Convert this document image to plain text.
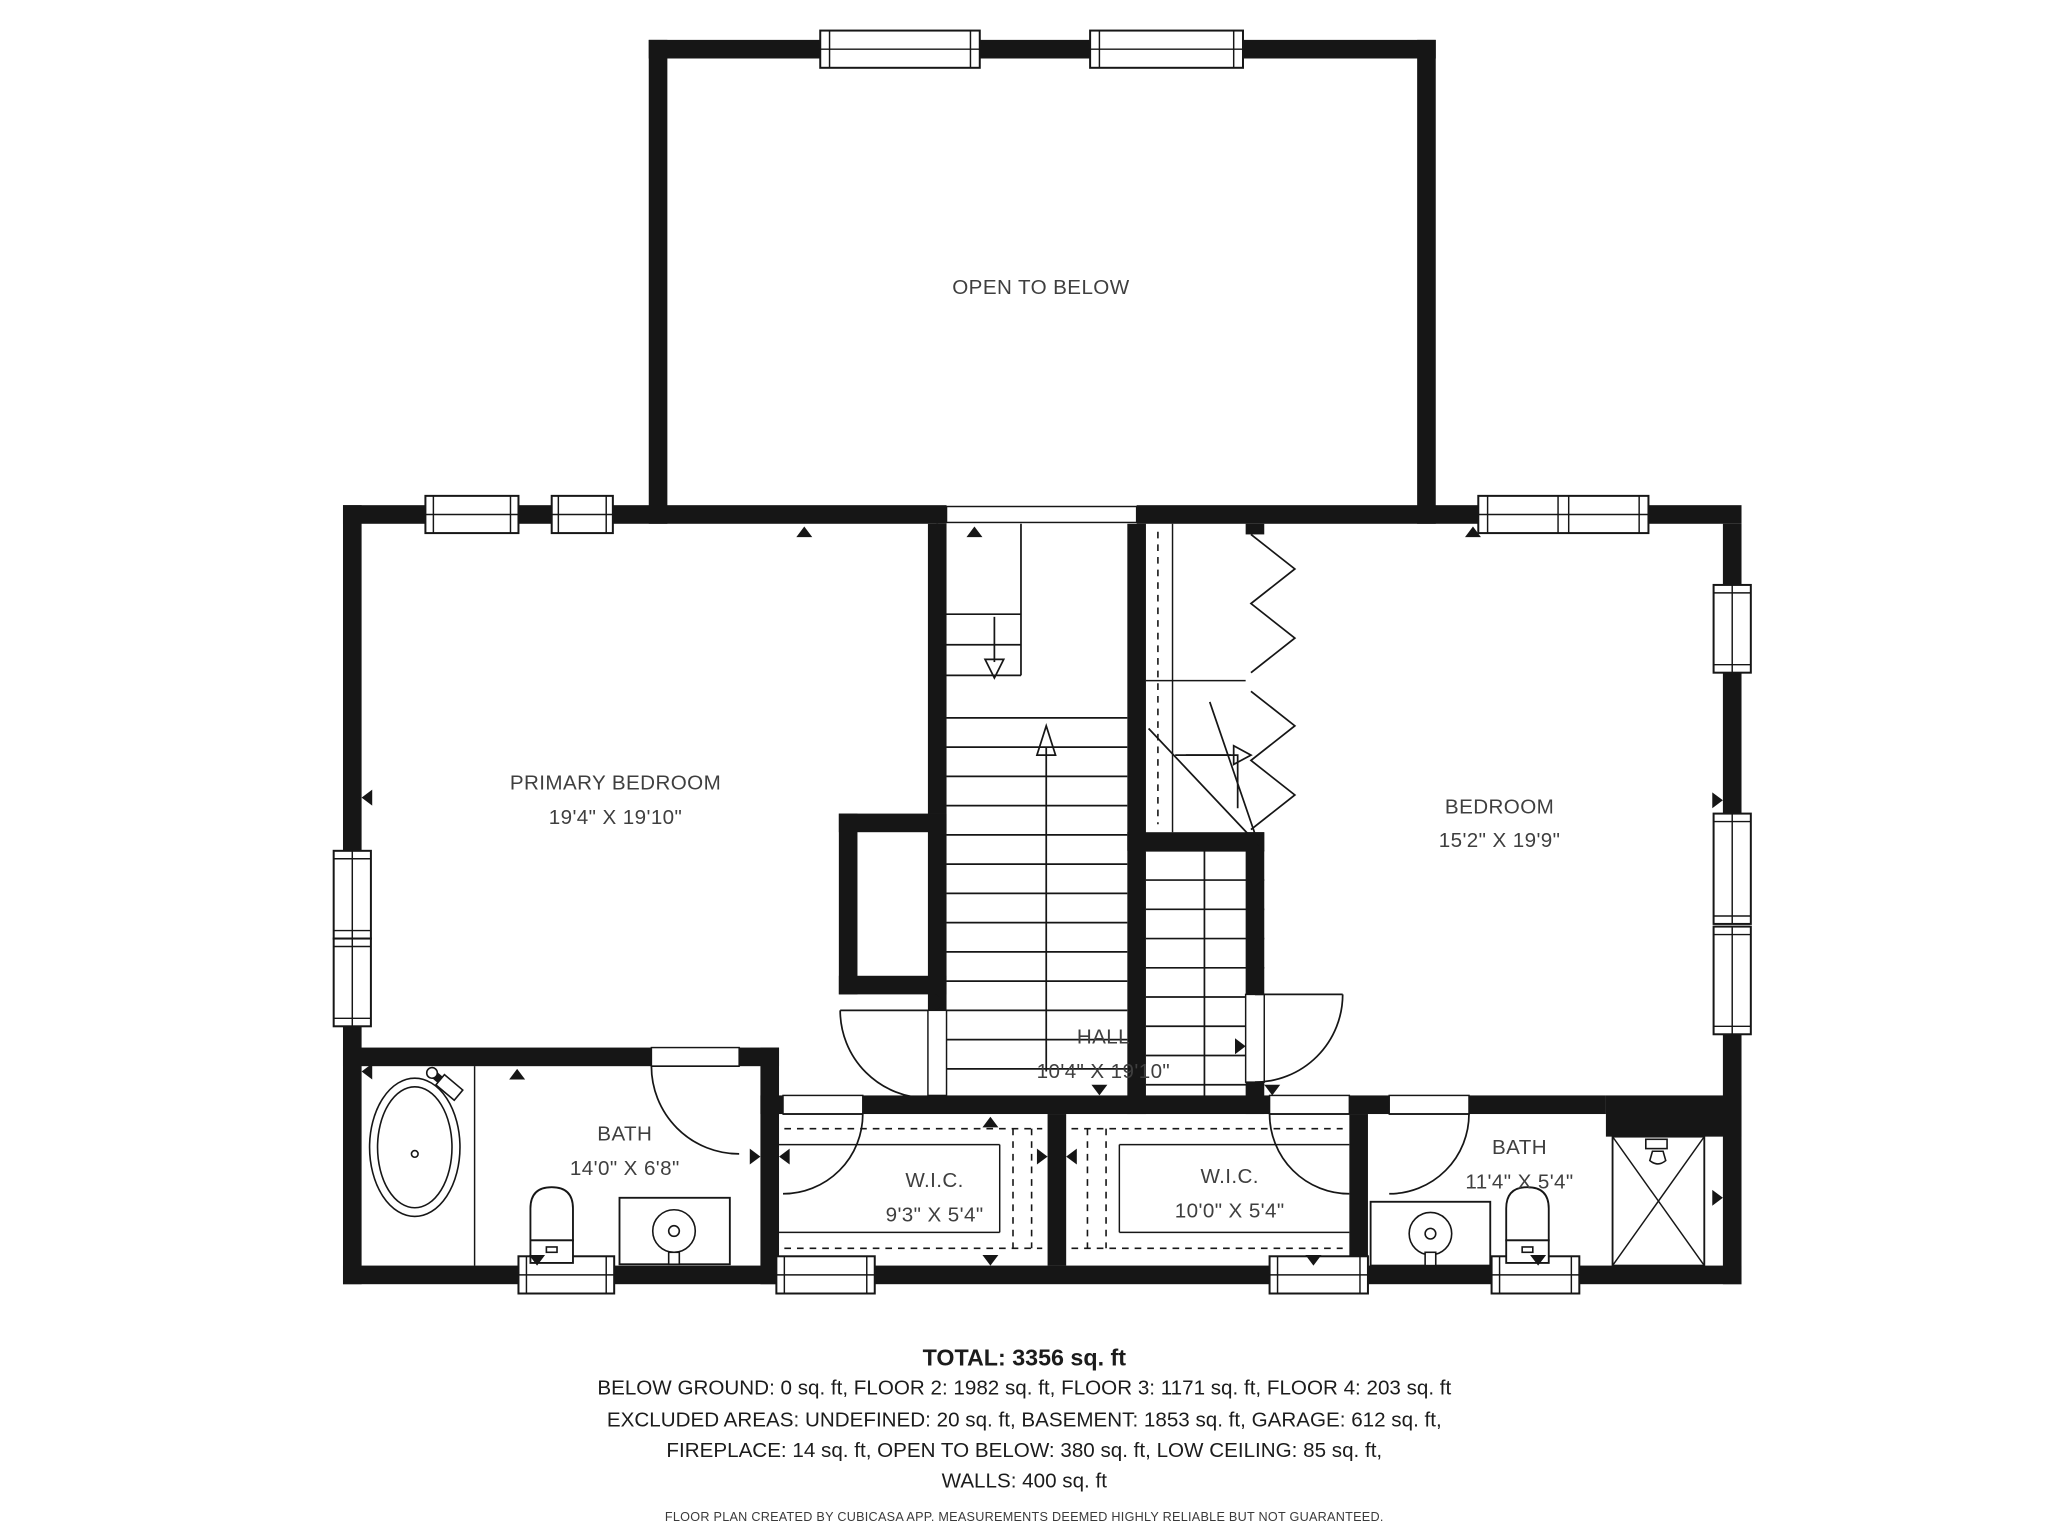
OPEN TO BELOW
PRIMARY BEDROOM
19'4" X 19'10"	BEDROOM
15'2" X 19'9"
HALL
10'4" X 19'10"
BATH
14'0" X 6'8"
W.I.C.
9'3" X 5'4"
W.I.C.
10'0" X 5'4"
BATH
11'4" X 5'4"
TOTAL: 3356 sq. ft
BELOW GROUND: 0 sq. ft, FLOOR 2: 1982 sq. ft, FLOOR 3: 1171 sq. ft, FLOOR 4: 203 sq. ft
EXCLUDED AREAS: UNDEFINED: 20 sq. ft, BASEMENT: 1853 sq. ft, GARAGE: 612 sq. ft,
FIREPLACE: 14 sq. ft, OPEN TO BELOW: 380 sq. ft, LOW CEILING: 85 sq. ft,
WALLS: 400 sq. ft
FLOOR PLAN CREATED BY CUBICASA APP. MEASUREMENTS DEEMED HIGHLY RELIABLE BUT NOT GUARANTEED.
